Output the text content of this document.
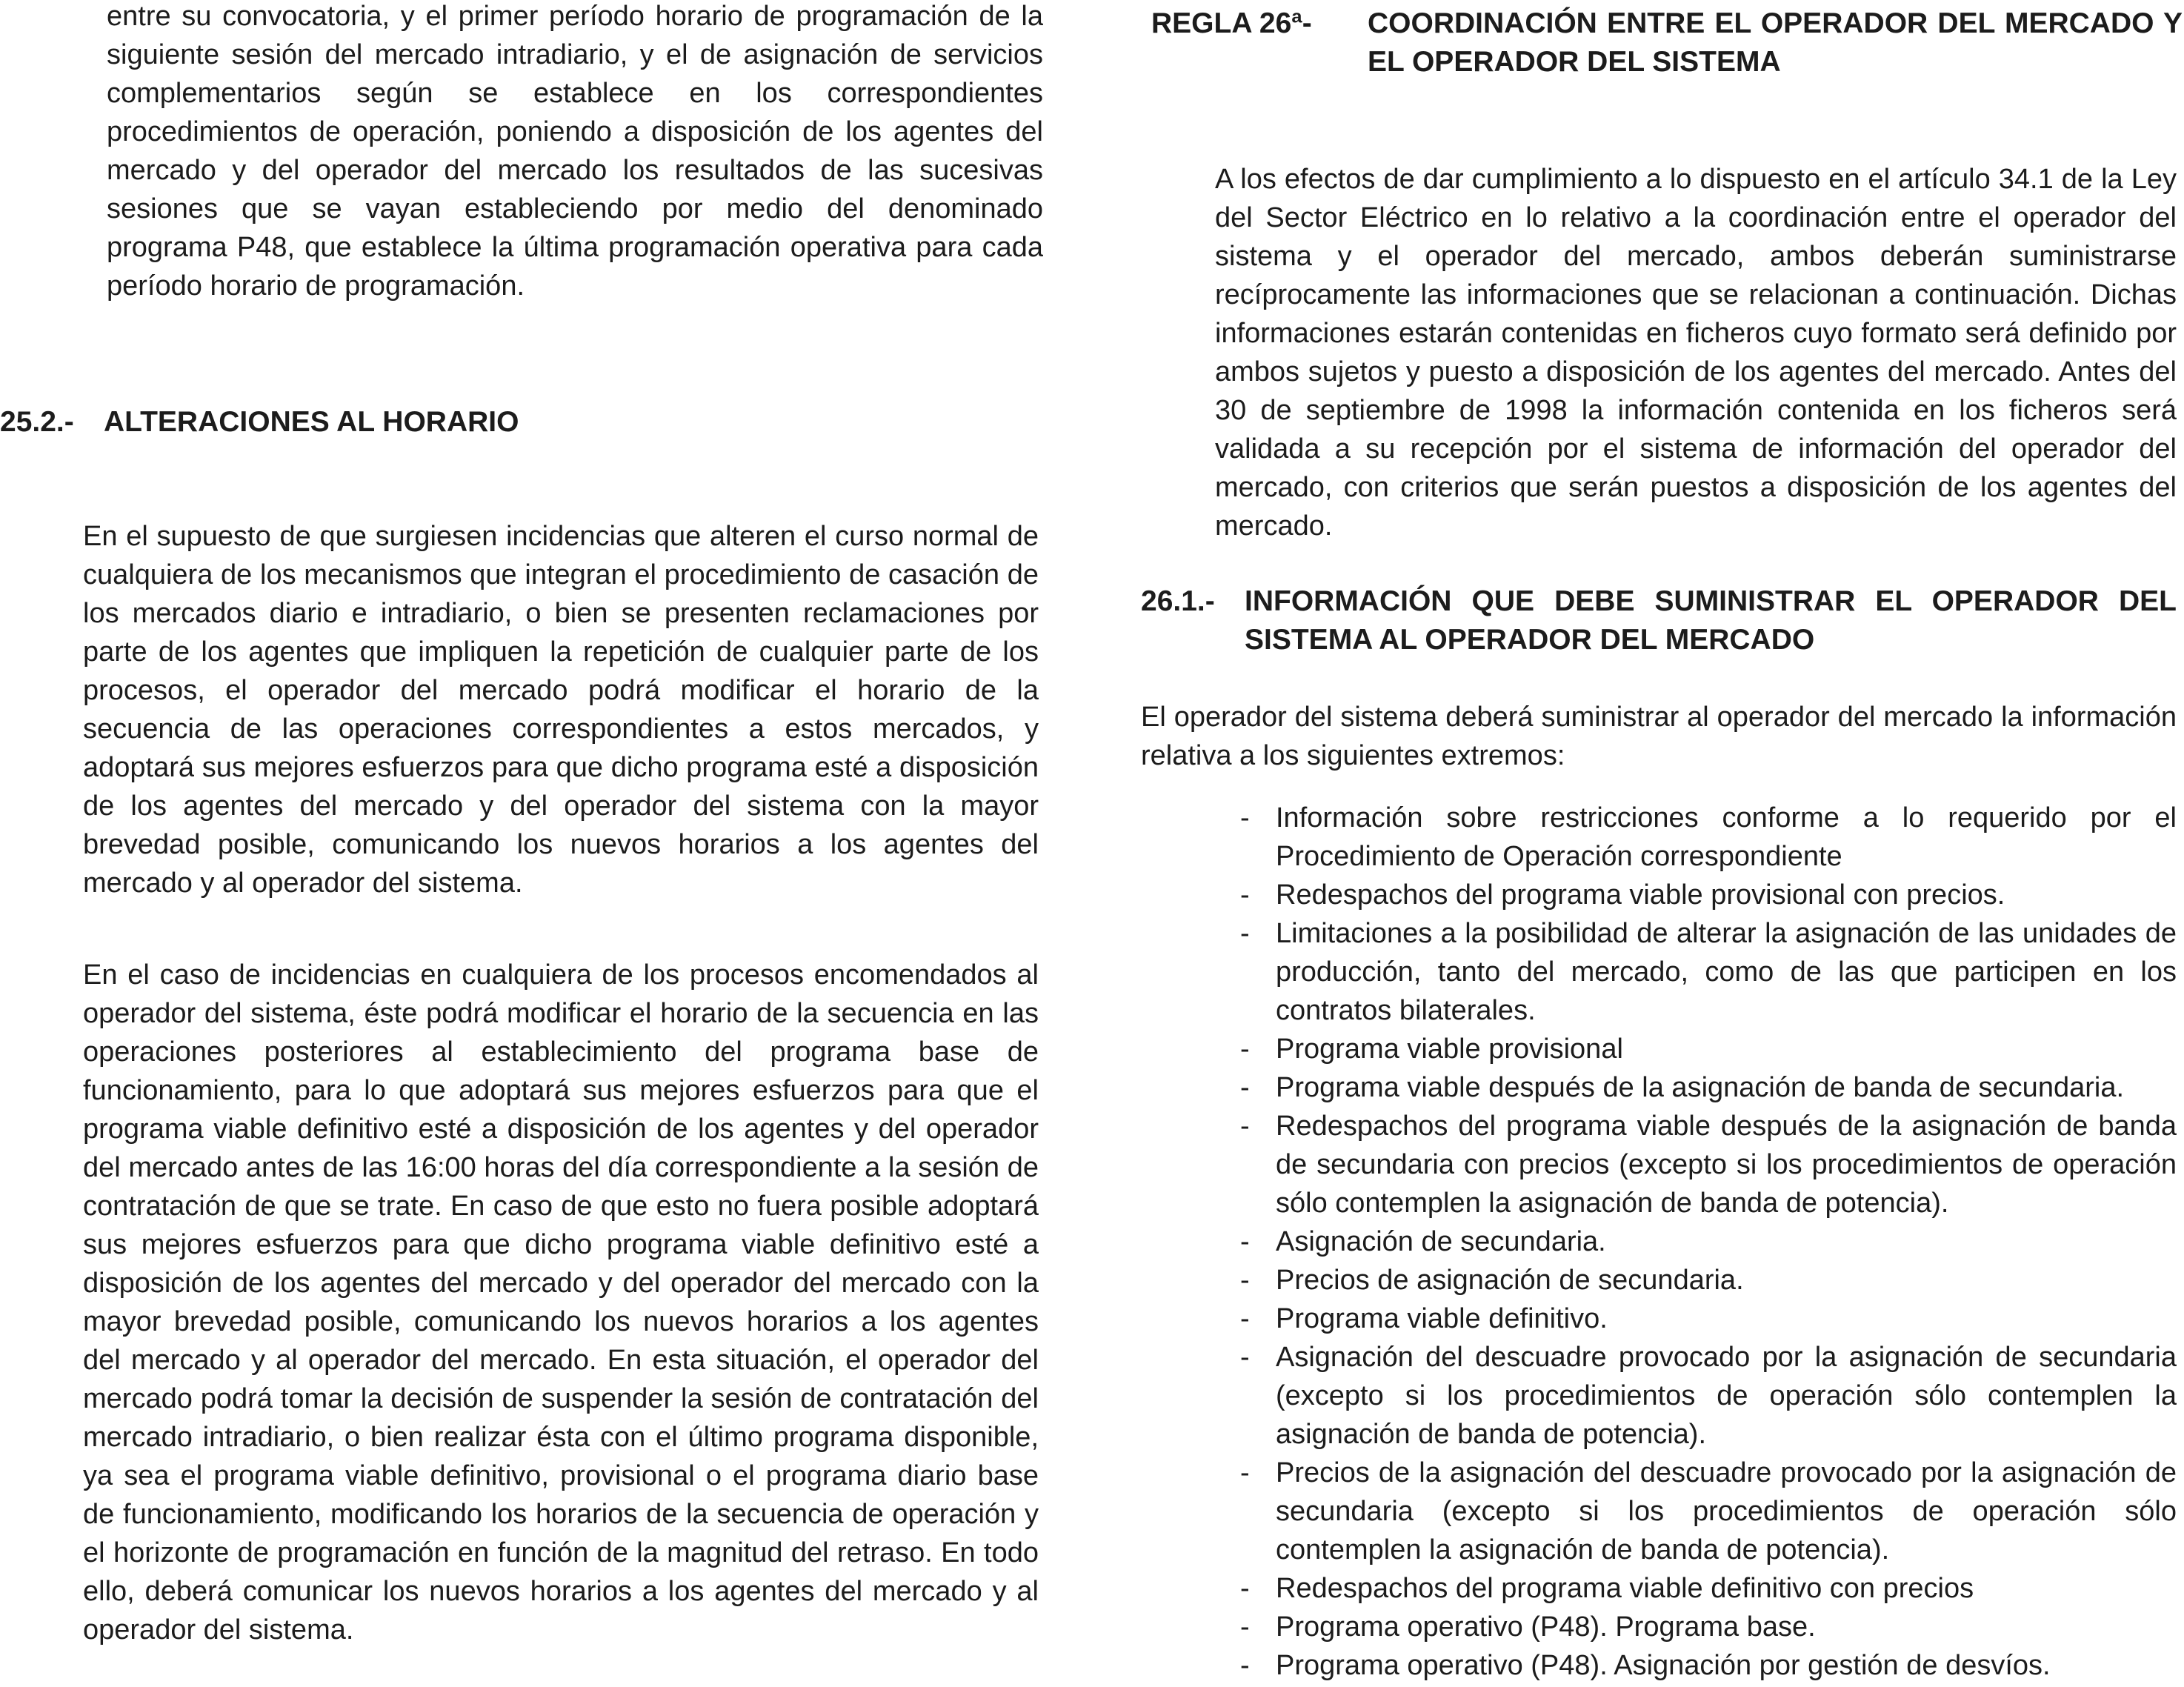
entre su convocatoria, y el primer período horario de programación de la siguiente sesión del mercado intradiario, y el de asignación de servicios complementarios según se establece en los correspondientes procedimientos de operación, poniendo a disposición de los agentes del mercado y del operador del mercado los resultados de las sucesivas sesiones que se vayan estableciendo por medio del denominado programa P48, que establece la última programación operativa para cada período horario de programación.

25.2.- ALTERACIONES AL HORARIO

En el supuesto de que surgiesen incidencias que alteren el curso normal de cualquiera de los mecanismos que integran el procedimiento de casación de los mercados diario e intradiario, o bien se presenten reclamaciones por parte de los agentes que impliquen la repetición de cualquier parte de los procesos, el operador del mercado podrá modificar el horario de la secuencia de las operaciones correspondientes a estos mercados, y adoptará sus mejores esfuerzos para que dicho programa esté a disposición de los agentes del mercado y del operador del sistema con la mayor brevedad posible, comunicando los nuevos horarios a los agentes del mercado y al operador del sistema.

En el caso de incidencias en cualquiera de los procesos encomendados al operador del sistema, éste podrá modificar el horario de la secuencia en las operaciones posteriores al establecimiento del programa base de funcionamiento, para lo que adoptará sus mejores esfuerzos para que el programa viable definitivo esté a disposición de los agentes y del operador del mercado antes de las 16:00 horas del día correspondiente a la sesión de contratación de que se trate. En caso de que esto no fuera posible adoptará sus mejores esfuerzos para que dicho programa viable definitivo esté a disposición de los agentes del mercado y del operador del mercado con la mayor brevedad posible, comunicando los nuevos horarios a los agentes del mercado y al operador del mercado. En esta situación, el operador del mercado podrá tomar la decisión de suspender la sesión de contratación del mercado intradiario, o bien realizar ésta con el último programa disponible, ya sea el programa viable definitivo, provisional o el programa diario base de funcionamiento, modificando los horarios de la secuencia de operación y el horizonte de programación en función de la magnitud del retraso. En todo ello, deberá comunicar los nuevos horarios a los agentes del mercado y al operador del sistema.

REGLA 26ª- COORDINACIÓN ENTRE EL OPERADOR DEL MERCADO Y EL OPERADOR DEL SISTEMA

A los efectos de dar cumplimiento a lo dispuesto en el artículo 34.1 de la Ley del Sector Eléctrico en lo relativo a la coordinación entre el operador del sistema y el operador del mercado, ambos deberán suministrarse recíprocamente las informaciones que se relacionan a continuación. Dichas informaciones estarán contenidas en ficheros cuyo formato será definido por ambos sujetos y puesto a disposición de los agentes del mercado. Antes del 30 de septiembre de 1998 la información contenida en los ficheros será validada a su recepción por el sistema de información del operador del mercado, con criterios que serán puestos a disposición de los agentes del mercado.

26.1.- INFORMACIÓN QUE DEBE SUMINISTRAR EL OPERADOR DEL SISTEMA AL OPERADOR DEL MERCADO

El operador del sistema deberá suministrar al operador del mercado la información relativa a los siguientes extremos:

- Información sobre restricciones conforme a lo requerido por el Procedimiento de Operación correspondiente
- Redespachos del programa viable provisional con precios.
- Limitaciones a la posibilidad de alterar la asignación de las unidades de producción, tanto del mercado, como de las que participen en los contratos bilaterales.
- Programa viable provisional
- Programa viable después de la asignación de banda de secundaria.
- Redespachos del programa viable después de la asignación de banda de secundaria con precios (excepto si los procedimientos de operación sólo contemplen la asignación de banda de potencia).
- Asignación de secundaria.
- Precios de asignación de secundaria.
- Programa viable definitivo.
- Asignación del descuadre provocado por la asignación de secundaria (excepto si los procedimientos de operación sólo contemplen la asignación de banda de potencia).
- Precios de la asignación del descuadre provocado por la asignación de secundaria (excepto si los procedimientos de operación sólo contemplen la asignación de banda de potencia).
- Redespachos del programa viable definitivo con precios
- Programa operativo (P48). Programa base.
- Programa operativo (P48). Asignación por gestión de desvíos.
